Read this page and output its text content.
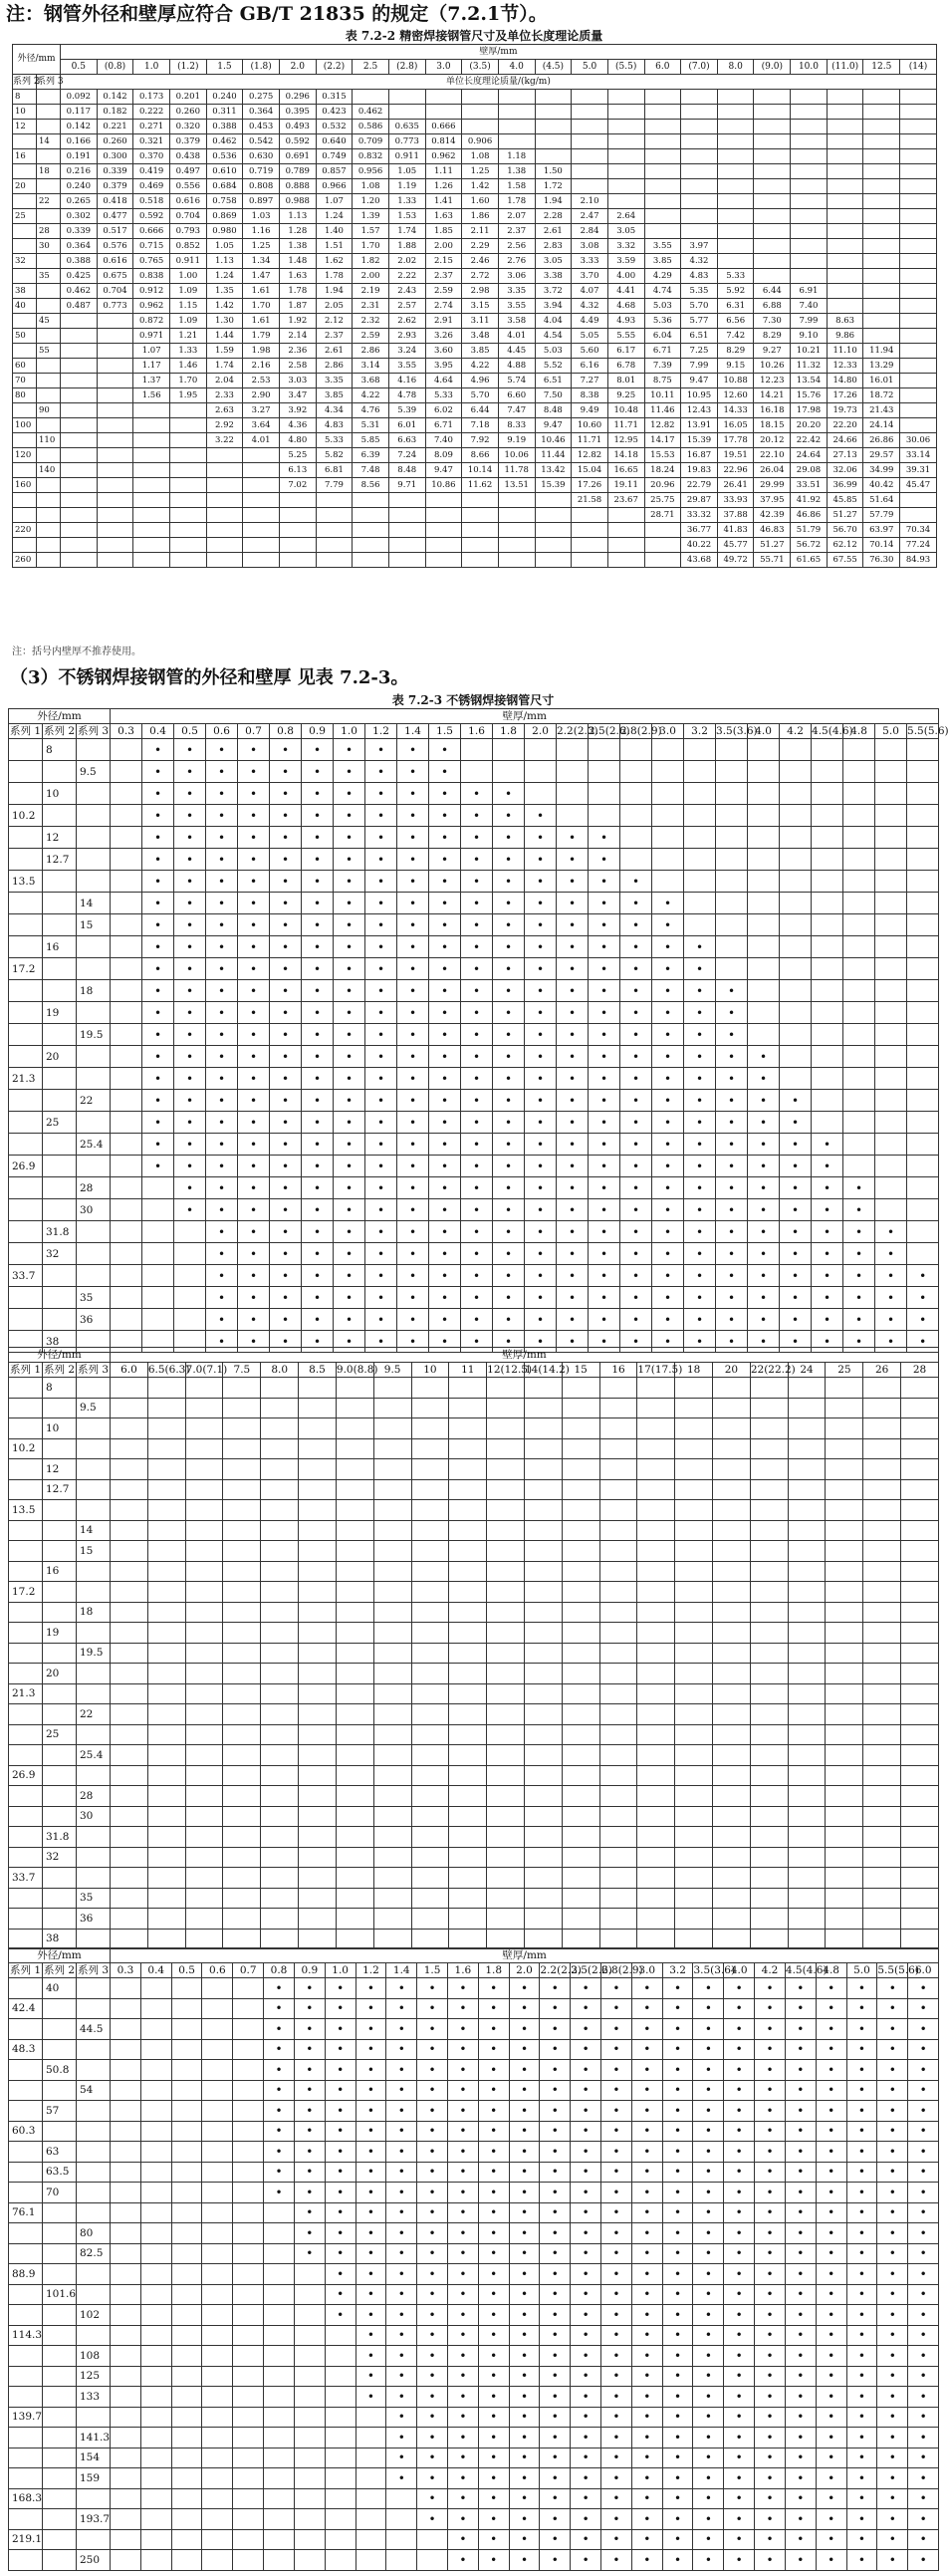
注：钢管外径和壁厚应符合 GB/T 21835 的规定（7.2.1节）。
表 7.2-2 精密焊接钢管尺寸及单位长度理论质量
外径/mm		壁厚/mm																							
		0.5	(0.8)	1.0	(1.2)	1.5	(1.8)	2.0	(2.2)	2.5	(2.8)	3.0	(3.5)	4.0	(4.5)	5.0	(5.5)	6.0	(7.0)	8.0	(9.0)	10.0	(11.0)	12.5	(14)
系列 2	系列 3	单位长度理论质量/(kg/m)																							
8		0.092	0.142	0.173	0.201	0.240	0.275	0.296	0.315																
10		0.117	0.182	0.222	0.260	0.311	0.364	0.395	0.423	0.462															
12		0.142	0.221	0.271	0.320	0.388	0.453	0.493	0.532	0.586	0.635	0.666													
	14	0.166	0.260	0.321	0.379	0.462	0.542	0.592	0.640	0.709	0.773	0.814	0.906												
16		0.191	0.300	0.370	0.438	0.536	0.630	0.691	0.749	0.832	0.911	0.962	1.08	1.18											
	18	0.216	0.339	0.419	0.497	0.610	0.719	0.789	0.857	0.956	1.05	1.11	1.25	1.38	1.50										
20		0.240	0.379	0.469	0.556	0.684	0.808	0.888	0.966	1.08	1.19	1.26	1.42	1.58	1.72										
	22	0.265	0.418	0.518	0.616	0.758	0.897	0.988	1.07	1.20	1.33	1.41	1.60	1.78	1.94	2.10									
25		0.302	0.477	0.592	0.704	0.869	1.03	1.13	1.24	1.39	1.53	1.63	1.86	2.07	2.28	2.47	2.64								
	28	0.339	0.517	0.666	0.793	0.980	1.16	1.28	1.40	1.57	1.74	1.85	2.11	2.37	2.61	2.84	3.05								
	30	0.364	0.576	0.715	0.852	1.05	1.25	1.38	1.51	1.70	1.88	2.00	2.29	2.56	2.83	3.08	3.32	3.55	3.97						
32		0.388	0.616	0.765	0.911	1.13	1.34	1.48	1.62	1.82	2.02	2.15	2.46	2.76	3.05	3.33	3.59	3.85	4.32						
	35	0.425	0.675	0.838	1.00	1.24	1.47	1.63	1.78	2.00	2.22	2.37	2.72	3.06	3.38	3.70	4.00	4.29	4.83	5.33					
38		0.462	0.704	0.912	1.09	1.35	1.61	1.78	1.94	2.19	2.43	2.59	2.98	3.35	3.72	4.07	4.41	4.74	5.35	5.92	6.44	6.91			
40		0.487	0.773	0.962	1.15	1.42	1.70	1.87	2.05	2.31	2.57	2.74	3.15	3.55	3.94	4.32	4.68	5.03	5.70	6.31	6.88	7.40			
	45			0.872	1.09	1.30	1.61	1.92	2.12	2.32	2.62	2.91	3.11	3.58	4.04	4.49	4.93	5.36	5.77	6.56	7.30	7.99	8.63		
50				0.971	1.21	1.44	1.79	2.14	2.37	2.59	2.93	3.26	3.48	4.01	4.54	5.05	5.55	6.04	6.51	7.42	8.29	9.10	9.86		
	55			1.07	1.33	1.59	1.98	2.36	2.61	2.86	3.24	3.60	3.85	4.45	5.03	5.60	6.17	6.71	7.25	8.29	9.27	10.21	11.10	11.94	
60				1.17	1.46	1.74	2.16	2.58	2.86	3.14	3.55	3.95	4.22	4.88	5.52	6.16	6.78	7.39	7.99	9.15	10.26	11.32	12.33	13.29	
70				1.37	1.70	2.04	2.53	3.03	3.35	3.68	4.16	4.64	4.96	5.74	6.51	7.27	8.01	8.75	9.47	10.88	12.23	13.54	14.80	16.01	
80				1.56	1.95	2.33	2.90	3.47	3.85	4.22	4.78	5.33	5.70	6.60	7.50	8.38	9.25	10.11	10.95	12.60	14.21	15.76	17.26	18.72	
	90					2.63	3.27	3.92	4.34	4.76	5.39	6.02	6.44	7.47	8.48	9.49	10.48	11.46	12.43	14.33	16.18	17.98	19.73	21.43	
100						2.92	3.64	4.36	4.83	5.31	6.01	6.71	7.18	8.33	9.47	10.60	11.71	12.82	13.91	16.05	18.15	20.20	22.20	24.14	
	110					3.22	4.01	4.80	5.33	5.85	6.63	7.40	7.92	9.19	10.46	11.71	12.95	14.17	15.39	17.78	20.12	22.42	24.66	26.86	30.06
120								5.25	5.82	6.39	7.24	8.09	8.66	10.06	11.44	12.82	14.18	15.53	16.87	19.51	22.10	24.64	27.13	29.57	33.14
	140							6.13	6.81	7.48	8.48	9.47	10.14	11.78	13.42	15.04	16.65	18.24	19.83	22.96	26.04	29.08	32.06	34.99	39.31
160								7.02	7.79	8.56	9.71	10.86	11.62	13.51	15.39	17.26	19.11	20.96	22.79	26.41	29.99	33.51	36.99	40.42	45.47
																21.58	23.67	25.75	29.87	33.93	37.95	41.92	45.85	51.64	
																		28.71	33.32	37.88	42.39	46.86	51.27	57.79	
220																			36.77	41.83	46.83	51.79	56.70	63.97	70.34
																			40.22	45.77	51.27	56.72	62.12	70.14	77.24
260																			43.68	49.72	55.71	61.65	67.55	76.30	84.93
注：括号内壁厚不推荐使用。
（3）不锈钢焊接钢管的外径和壁厚 见表 7.2-3。
表 7.2-3 不锈钢焊接钢管尺寸
外径/mm			壁厚/mm																									
系列 1	系列 2	系列 3	0.3	0.4	0.5	0.6	0.7	0.8	0.9	1.0	1.2	1.4	1.5	1.6	1.8	2.0	2.2(2.3)	2.5(2.6)	2.8(2.9)	3.0	3.2	3.5(3.6)	4.0	4.2	4.5(4.6)	4.8	5.0	5.5(5.6)
	8			•	•	•	•	•	•	•	•	•	•															
		9.5		•	•	•	•	•	•	•	•	•	•															
	10			•	•	•	•	•	•	•	•	•	•	•	•													
10.2				•	•	•	•	•	•	•	•	•	•	•	•	•												
	12			•	•	•	•	•	•	•	•	•	•	•	•	•	•	•										
	12.7			•	•	•	•	•	•	•	•	•	•	•	•	•	•	•										
13.5				•	•	•	•	•	•	•	•	•	•	•	•	•	•	•	•									
		14		•	•	•	•	•	•	•	•	•	•	•	•	•	•	•	•	•								
		15		•	•	•	•	•	•	•	•	•	•	•	•	•	•	•	•	•								
	16			•	•	•	•	•	•	•	•	•	•	•	•	•	•	•	•	•	•							
17.2				•	•	•	•	•	•	•	•	•	•	•	•	•	•	•	•	•	•							
		18		•	•	•	•	•	•	•	•	•	•	•	•	•	•	•	•	•	•	•						
	19			•	•	•	•	•	•	•	•	•	•	•	•	•	•	•	•	•	•	•						
		19.5		•	•	•	•	•	•	•	•	•	•	•	•	•	•	•	•	•	•	•						
	20			•	•	•	•	•	•	•	•	•	•	•	•	•	•	•	•	•	•	•	•					
21.3				•	•	•	•	•	•	•	•	•	•	•	•	•	•	•	•	•	•	•	•					
		22		•	•	•	•	•	•	•	•	•	•	•	•	•	•	•	•	•	•	•	•	•				
	25			•	•	•	•	•	•	•	•	•	•	•	•	•	•	•	•	•	•	•	•	•				
		25.4		•	•	•	•	•	•	•	•	•	•	•	•	•	•	•	•	•	•	•	•	•	•			
26.9				•	•	•	•	•	•	•	•	•	•	•	•	•	•	•	•	•	•	•	•	•	•			
		28			•	•	•	•	•	•	•	•	•	•	•	•	•	•	•	•	•	•	•	•	•	•		
		30			•	•	•	•	•	•	•	•	•	•	•	•	•	•	•	•	•	•	•	•	•	•		
	31.8					•	•	•	•	•	•	•	•	•	•	•	•	•	•	•	•	•	•	•	•	•	•	
	32					•	•	•	•	•	•	•	•	•	•	•	•	•	•	•	•	•	•	•	•	•	•	
33.7						•	•	•	•	•	•	•	•	•	•	•	•	•	•	•	•	•	•	•	•	•	•	•
		35				•	•	•	•	•	•	•	•	•	•	•	•	•	•	•	•	•	•	•	•	•	•	•
		36				•	•	•	•	•	•	•	•	•	•	•	•	•	•	•	•	•	•	•	•	•	•	•
	38					•	•	•	•	•	•	•	•	•	•	•	•	•	•	•	•	•	•	•	•	•	•	•
外径/mm			壁厚/mm																					
系列 1	系列 2	系列 3	6.0	6.5(6.3)	7.0(7.1)	7.5	8.0	8.5	9.0(8.8)	9.5	10	11	12(12.5)	14(14.2)	15	16	17(17.5)	18	20	22(22.2)	24	25	26	28
	8																							
		9.5																						
	10																							
10.2																								
	12																							
	12.7																							
13.5																								
		14																						
		15																						
	16																							
17.2																								
		18																						
	19																							
		19.5																						
	20																							
21.3																								
		22																						
	25																							
		25.4																						
26.9																								
		28																						
		30																						
	31.8																							
	32																							
33.7																								
		35																						
		36																						
	38																							
外径/mm			壁厚/mm																										
系列 1	系列 2	系列 3	0.3	0.4	0.5	0.6	0.7	0.8	0.9	1.0	1.2	1.4	1.5	1.6	1.8	2.0	2.2(2.3)	2.5(2.6)	2.8(2.9)	3.0	3.2	3.5(3.6)	4.0	4.2	4.5(4.6)	4.8	5.0	5.5(5.6)	6.0
	40							•	•	•	•	•	•	•	•	•	•	•	•	•	•	•	•	•	•	•	•	•	•
42.4								•	•	•	•	•	•	•	•	•	•	•	•	•	•	•	•	•	•	•	•	•	•
		44.5						•	•	•	•	•	•	•	•	•	•	•	•	•	•	•	•	•	•	•	•	•	•
48.3								•	•	•	•	•	•	•	•	•	•	•	•	•	•	•	•	•	•	•	•	•	•
	50.8							•	•	•	•	•	•	•	•	•	•	•	•	•	•	•	•	•	•	•	•	•	•
		54						•	•	•	•	•	•	•	•	•	•	•	•	•	•	•	•	•	•	•	•	•	•
	57							•	•	•	•	•	•	•	•	•	•	•	•	•	•	•	•	•	•	•	•	•	•
60.3								•	•	•	•	•	•	•	•	•	•	•	•	•	•	•	•	•	•	•	•	•	•
	63							•	•	•	•	•	•	•	•	•	•	•	•	•	•	•	•	•	•	•	•	•	•
	63.5							•	•	•	•	•	•	•	•	•	•	•	•	•	•	•	•	•	•	•	•	•	•
	70							•	•	•	•	•	•	•	•	•	•	•	•	•	•	•	•	•	•	•	•	•	•
76.1									•	•	•	•	•	•	•	•	•	•	•	•	•	•	•	•	•	•	•	•	•
		80							•	•	•	•	•	•	•	•	•	•	•	•	•	•	•	•	•	•	•	•	•
		82.5							•	•	•	•	•	•	•	•	•	•	•	•	•	•	•	•	•	•	•	•	•
88.9										•	•	•	•	•	•	•	•	•	•	•	•	•	•	•	•	•	•	•	•
	101.6									•	•	•	•	•	•	•	•	•	•	•	•	•	•	•	•	•	•	•	•
		102								•	•	•	•	•	•	•	•	•	•	•	•	•	•	•	•	•	•	•	•
114.3											•	•	•	•	•	•	•	•	•	•	•	•	•	•	•	•	•	•	•
		108									•	•	•	•	•	•	•	•	•	•	•	•	•	•	•	•	•	•	•
		125									•	•	•	•	•	•	•	•	•	•	•	•	•	•	•	•	•	•	•
		133									•	•	•	•	•	•	•	•	•	•	•	•	•	•	•	•	•	•	•
139.7												•	•	•	•	•	•	•	•	•	•	•	•	•	•	•	•	•	•
		141.3										•	•	•	•	•	•	•	•	•	•	•	•	•	•	•	•	•	•
		154										•	•	•	•	•	•	•	•	•	•	•	•	•	•	•	•	•	•
		159										•	•	•	•	•	•	•	•	•	•	•	•	•	•	•	•	•	•
168.3													•	•	•	•	•	•	•	•	•	•	•	•	•	•	•	•	•
		193.7											•	•	•	•	•	•	•	•	•	•	•	•	•	•	•	•	•
219.1														•	•	•	•	•	•	•	•	•	•	•	•	•	•	•	•
		250												•	•	•	•	•	•	•	•	•	•	•	•	•	•	•	•
